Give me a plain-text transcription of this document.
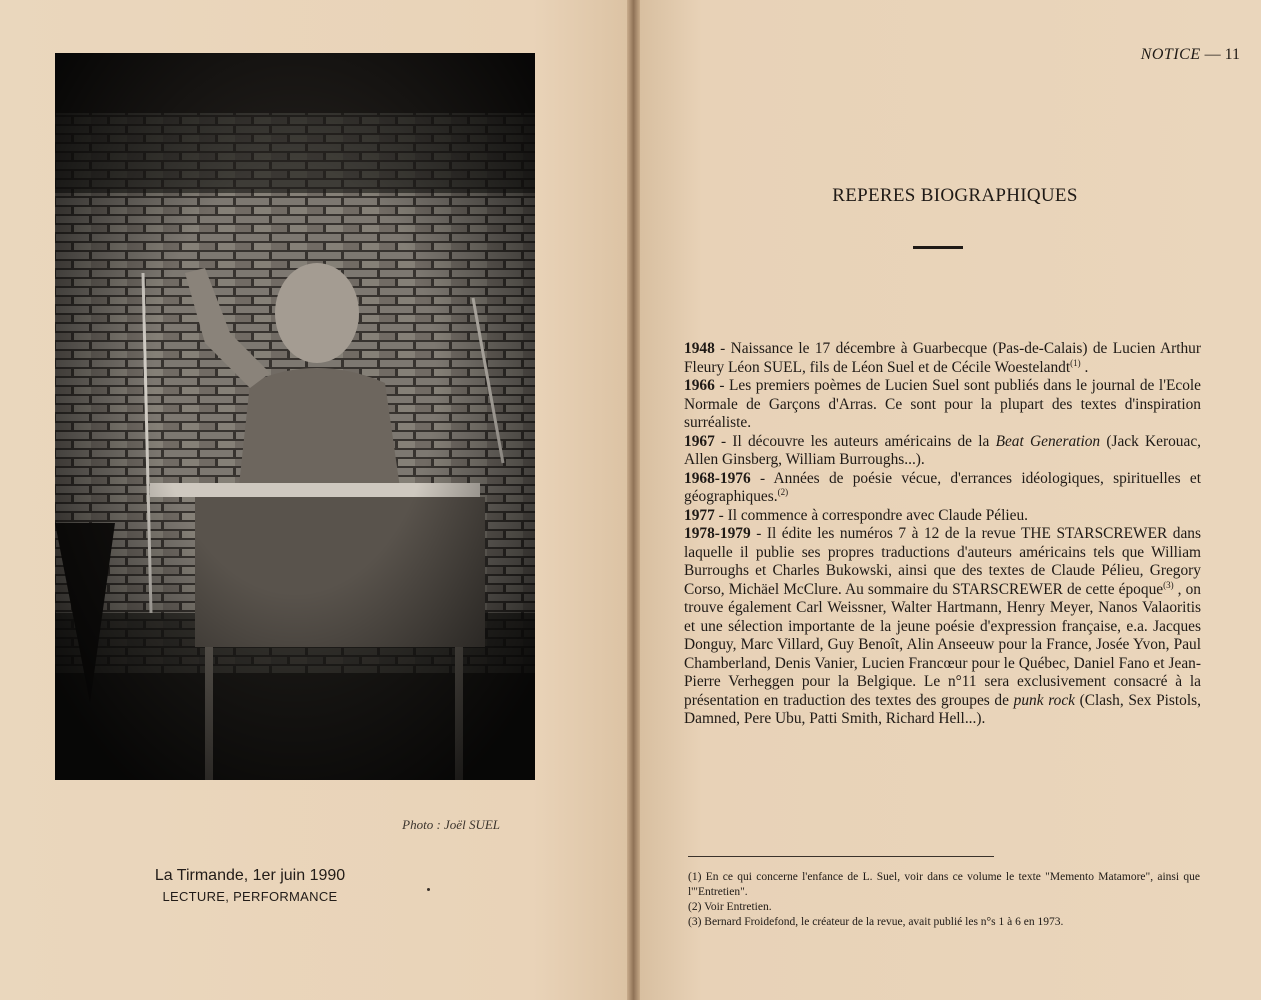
Photo : Joël SUEL
La Tirmande, 1er juin 1990
LECTURE, PERFORMANCE
NOTICE — 11
REPERES BIOGRAPHIQUES

1948 - Naissance le 17 décembre à Guarbecque (Pas-de-Calais) de Lucien Arthur Fleury Léon SUEL, fils de Léon Suel et de Cécile Woestelandt$^{(1)}$ .

1966 - Les premiers poèmes de Lucien Suel sont publiés dans le journal de l'Ecole Normale de Garçons d'Arras. Ce sont pour la plupart des textes d'inspiration surréaliste.

1967 - Il découvre les auteurs américains de la Beat Generation (Jack Kerouac, Allen Ginsberg, William Burroughs...).

1968-1976 - Années de poésie vécue, d'errances idéologiques, spirituelles et géographiques.$^{(2)}$

1977 - Il commence à correspondre avec Claude Pélieu.

1978-1979 - Il édite les numéros 7 à 12 de la revue THE STARSCREWER dans laquelle il publie ses propres traductions d'auteurs américains tels que William Burroughs et Charles Bukowski, ainsi que des textes de Claude Pélieu, Gregory Corso, Michäel McClure. Au sommaire du STARSCREWER de cette époque$^{(3)}$ , on trouve également Carl Weissner, Walter Hartmann, Henry Meyer, Nanos Valaoritis et une sélection importante de la jeune poésie d'expression française, e.a. Jacques Donguy, Marc Villard, Guy Benoît, Alin Anseeuw pour la France, Josée Yvon, Paul Chamberland, Denis Vanier, Lucien Francœur pour le Québec, Daniel Fano et Jean-Pierre Verheggen pour la Belgique. Le n°11 sera exclusivement consacré à la présentation en traduction des textes des groupes de punk rock (Clash, Sex Pistols, Damned, Pere Ubu, Patti Smith, Richard Hell...).

(1) En ce qui concerne l'enfance de L. Suel, voir dans ce volume le texte "Memento Matamore", ainsi que l'"Entretien".

(2) Voir Entretien.

(3) Bernard Froidefond, le créateur de la revue, avait publié les n°s 1 à 6 en 1973.
